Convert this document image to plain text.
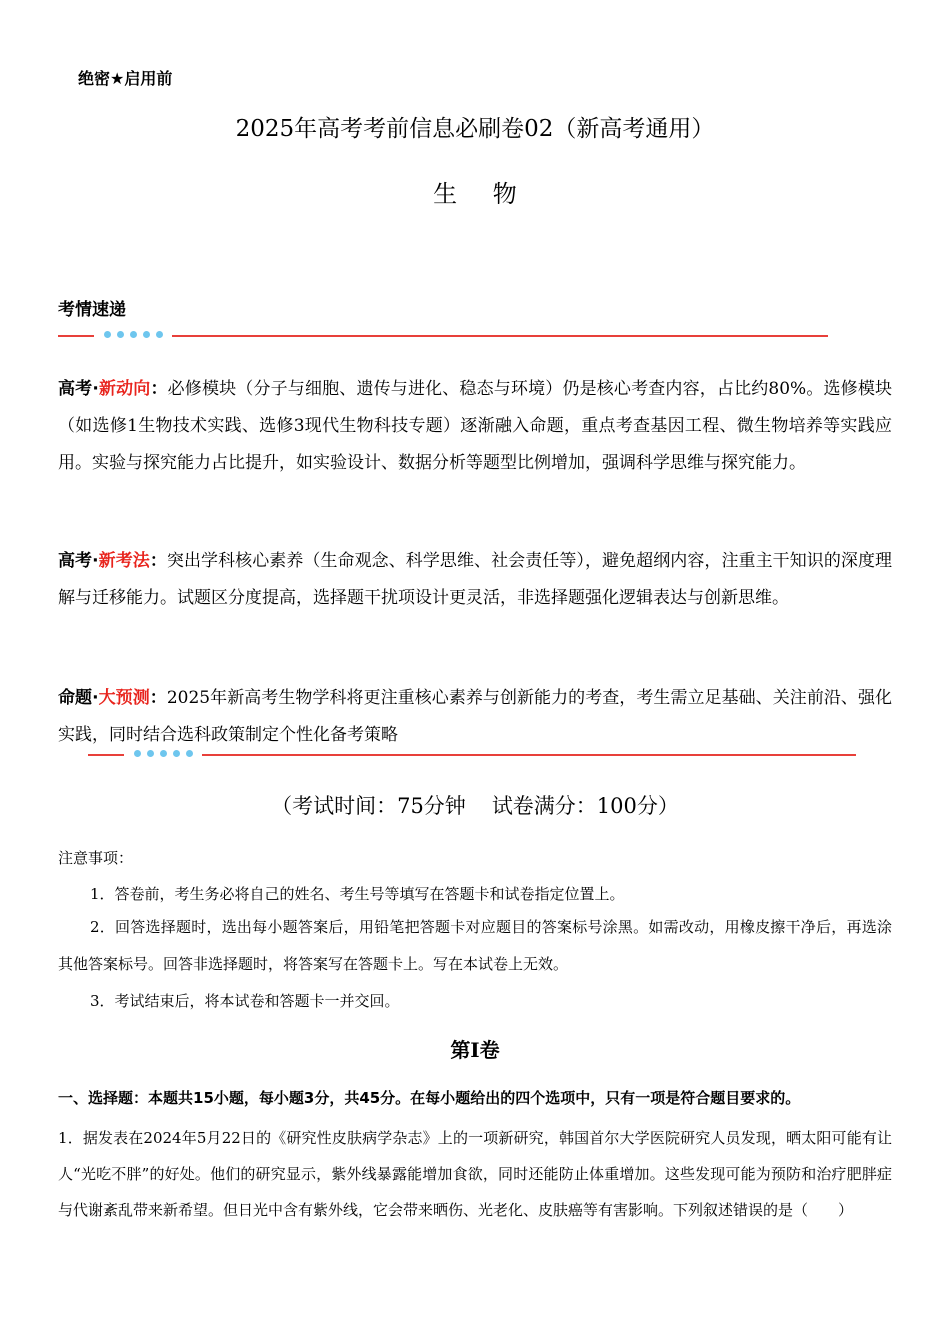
绝密★启用前
2025年高考考前信息必刷卷02（新高考通用）
生 物
考情速递
高考·新动向：必修模块（分子与细胞、遗传与进化、稳态与环境）仍是核心考查内容，占比约80%。选修模块（如选修1生物技术实践、选修3现代生物科技专题）逐渐融入命题，重点考查基因工程、微生物培养等实践应用。实验与探究能力占比提升，如实验设计、数据分析等题型比例增加，强调科学思维与探究能力。
高考·新考法：突出学科核心素养（生命观念、科学思维、社会责任等），避免超纲内容，注重主干知识的深度理解与迁移能力。试题区分度提高，选择题干扰项设计更灵活，非选择题强化逻辑表达与创新思维。
命题·大预测：2025年新高考生物学科将更注重核心素养与创新能力的考查，考生需立足基础、关注前沿、强化实践，同时结合选科政策制定个性化备考策略
（考试时间：75分钟 试卷满分：100分）
注意事项：
1．答卷前，考生务必将自己的姓名、考生号等填写在答题卡和试卷指定位置上。
2．回答选择题时，选出每小题答案后，用铅笔把答题卡对应题目的答案标号涂黑。如需改动，用橡皮擦干净后，再选涂其他答案标号。回答非选择题时，将答案写在答题卡上。写在本试卷上无效。
3．考试结束后，将本试卷和答题卡一并交回。
第Ⅰ卷
一、选择题：本题共15小题，每小题3分，共45分。在每小题给出的四个选项中，只有一项是符合题目要求的。
1．据发表在2024年5月22日的《研究性皮肤病学杂志》上的一项新研究，韩国首尔大学医院研究人员发现，晒太阳可能有让人“光吃不胖”的好处。他们的研究显示，紫外线暴露能增加食欲，同时还能防止体重增加。这些发现可能为预防和治疗肥胖症与代谢紊乱带来新希望。但日光中含有紫外线，它会带来晒伤、光老化、皮肤癌等有害影响。下列叙述错误的是（　　）
